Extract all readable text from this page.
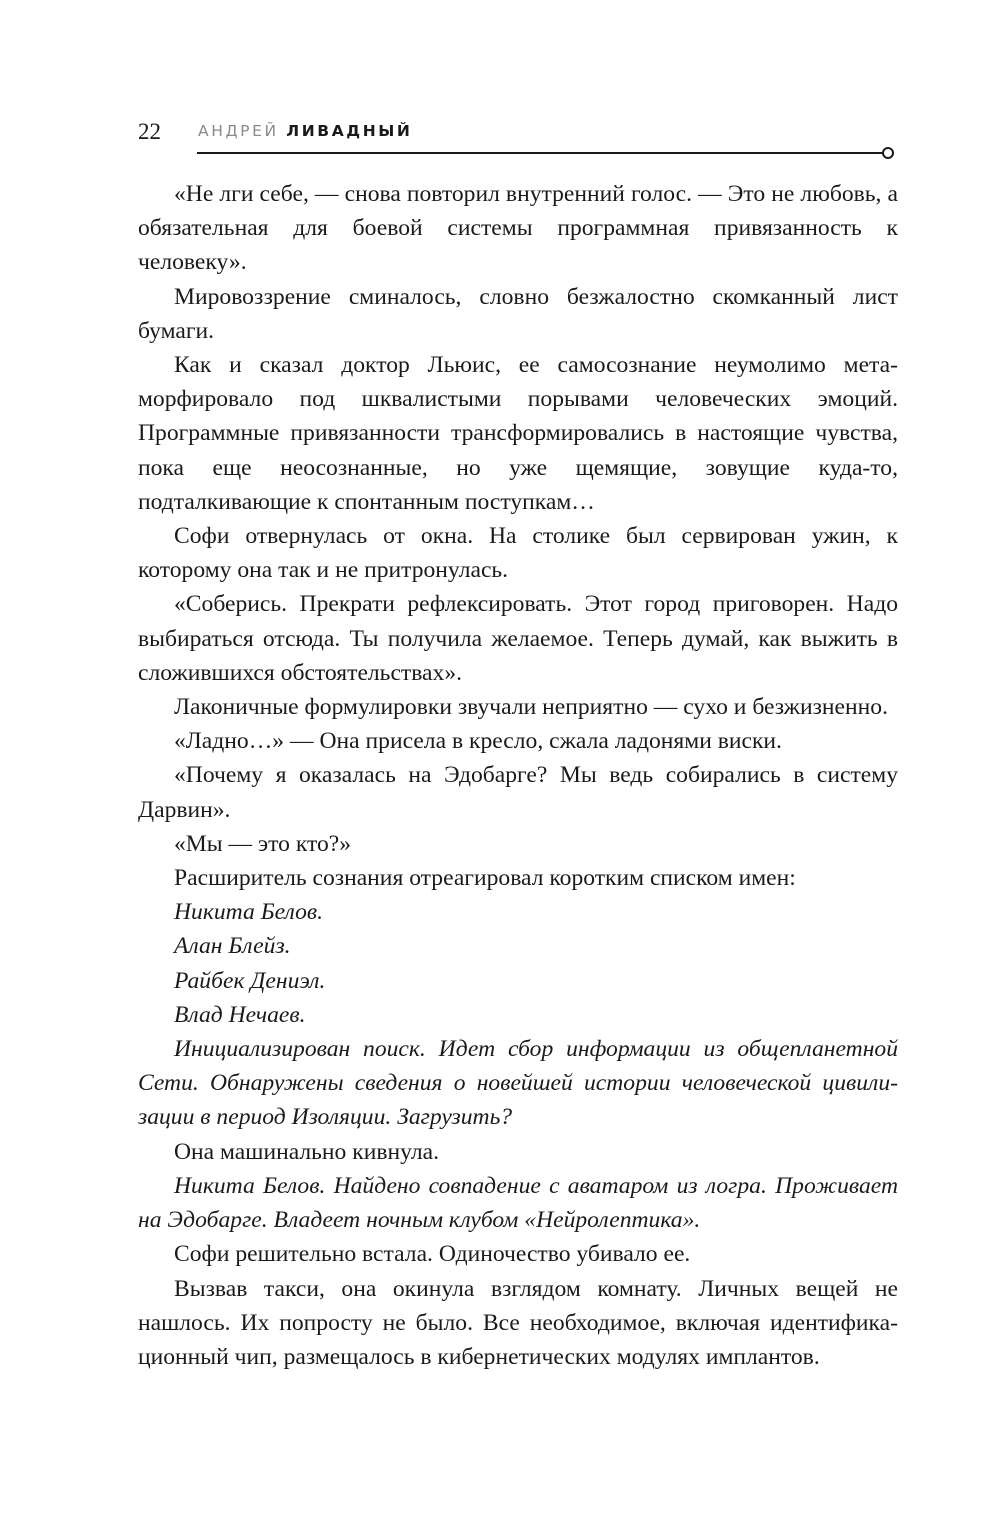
22 АНДРЕЙ ЛИВАДНЫЙ

«Не лги себе, — снова повторил внутренний голос. — Это не любовь, а обязательная для боевой системы программная привязанность к человеку».

Мировоззрение сминалось, словно безжалостно скомканный лист бумаги.

Как и сказал доктор Льюис, ее самосознание неумолимо метаморфировало под шквалистыми порывами человеческих эмоций. Программные привязанности трансформировались в настоящие чувства, пока еще неосознанные, но уже щемящие, зовущие куда-то, подталкивающие к спонтанным поступкам…

Софи отвернулась от окна. На столике был сервирован ужин, к которому она так и не притронулась.

«Соберись. Прекрати рефлексировать. Этот город приговорен. Надо выбираться отсюда. Ты получила желаемое. Теперь думай, как выжить в сложившихся обстоятельствах».

Лаконичные формулировки звучали неприятно — сухо и безжизненно.

«Ладно…» — Она присела в кресло, сжала ладонями виски.

«Почему я оказалась на Эдобарге? Мы ведь собирались в систему Дарвин».

«Мы — это кто?»

Расширитель сознания отреагировал коротким списком имен:

Никита Белов.

Алан Блейз.

Райбек Дениэл.

Влад Нечаев.

Инициализирован поиск. Идет сбор информации из общепланетной Сети. Обнаружены сведения о новейшей истории человеческой цивилизации в период Изоляции. Загрузить?

Она машинально кивнула.

Никита Белов. Найдено совпадение с аватаром из логра. Проживает на Эдобарге. Владеет ночным клубом «Нейролептика».

Софи решительно встала. Одиночество убивало ее.

Вызвав такси, она окинула взглядом комнату. Личных вещей не нашлось. Их попросту не было. Все необходимое, включая идентификационный чип, размещалось в кибернетических модулях имплантов.
